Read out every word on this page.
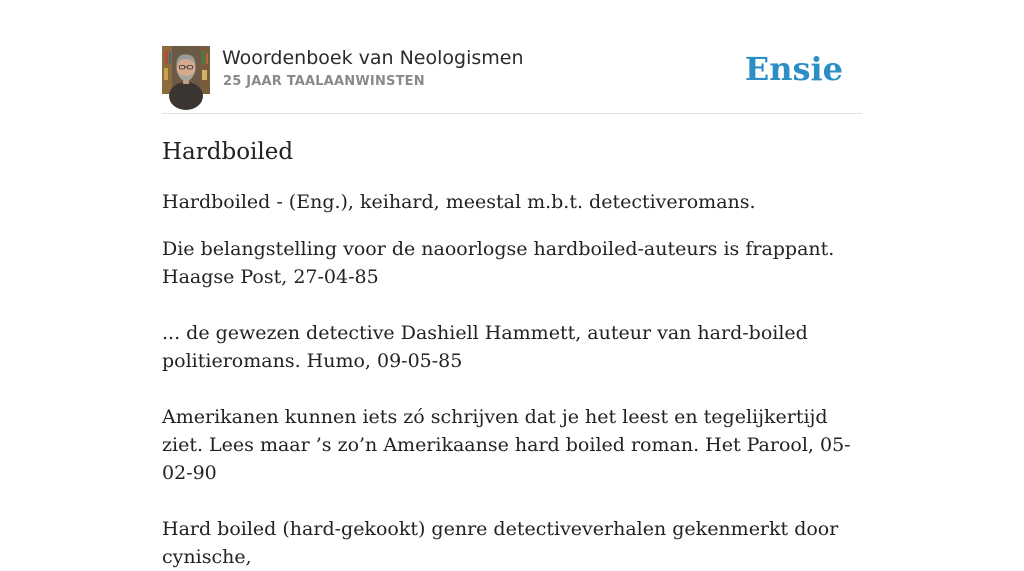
Woordenboek van Neologismen
25 JAAR TAALAANWINSTEN	Ensie
Hardboiled

Hardboiled - (Eng.), keihard, meestal m.b.t. detectiveromans.

Die belangstelling voor de naoorlogse hardboiled-auteurs is frappant. Haagse Post, 27-04-85

... de gewezen detective Dashiell Hammett, auteur van hard-boiled politieromans. Humo, 09-05-85

Amerikanen kunnen iets zó schrijven dat je het leest en tegelijkertijd ziet. Lees maar ’s zo’n Amerikaanse hard boiled roman. Het Parool, 05-02-90

Hard boiled (hard-gekookt) genre detectiveverhalen gekenmerkt door cynische,
